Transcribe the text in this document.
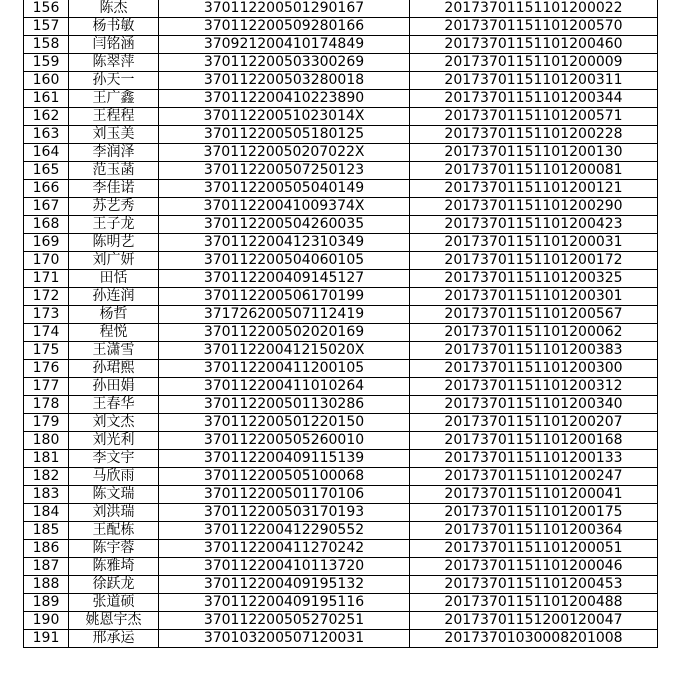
156	陈杰	370112200501290167	20173701151101200022
157	杨书敏	370112200509280166	20173701151101200570
158	闫铭涵	370921200410174849	20173701151101200460
159	陈翠萍	370112200503300269	20173701151101200009
160	孙天一	370112200503280018	20173701151101200311
161	王广鑫	370112200410223890	20173701151101200344
162	王程程	37011220051023014X	20173701151101200571
163	刘玉美	370112200505180125	20173701151101200228
164	李润泽	37011220050207022X	20173701151101200130
165	范玉菡	370112200507250123	20173701151101200081
166	李佳诺	370112200505040149	20173701151101200121
167	苏艺秀	37011220041009374X	20173701151101200290
168	王子龙	370112200504260035	20173701151101200423
169	陈明艺	370112200412310349	20173701151101200031
170	刘广妍	370112200504060105	20173701151101200172
171	田恬	370112200409145127	20173701151101200325
172	孙连润	370112200506170199	20173701151101200301
173	杨哲	371726200507112419	20173701151101200567
174	程悦	370112200502020169	20173701151101200062
175	王潇雪	37011220041215020X	20173701151101200383
176	孙珺熙	370112200411200105	20173701151101200300
177	孙田娟	370112200411010264	20173701151101200312
178	王春华	370112200501130286	20173701151101200340
179	刘文杰	370112200501220150	20173701151101200207
180	刘光利	370112200505260010	20173701151101200168
181	李文宇	370112200409115139	20173701151101200133
182	马欣雨	370112200505100068	20173701151101200247
183	陈文瑞	370112200501170106	20173701151101200041
184	刘洪瑞	370112200503170193	20173701151101200175
185	王配栋	370112200412290552	20173701151101200364
186	陈宇蓉	370112200411270242	20173701151101200051
187	陈雅埼	370112200410113720	20173701151101200046
188	徐跃龙	370112200409195132	20173701151101200453
189	张道硕	370112200409195116	20173701151101200488
190	姚恩宇杰	370112200505270251	20173701151200120047
191	邢承运	370103200507120031	20173701030008201008
